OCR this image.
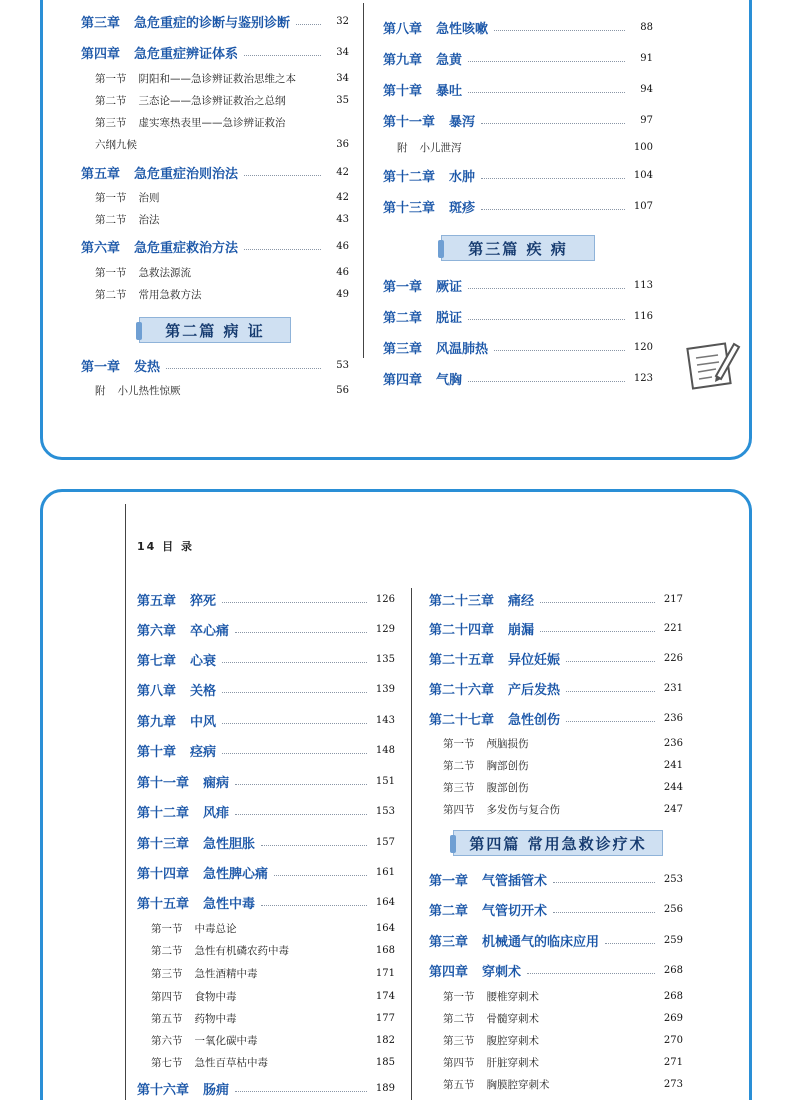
第三章 急危重症的诊断与鉴别诊断	32
第四章 急危重症辨证体系	34
第一节 阴阳和——急诊辨证救治思维之本	34
第二节 三态论——急诊辨证救治之总纲	35
第三节 虚实寒热表里——急诊辨证救治
六纲九候	36
第五章 急危重症治则治法	42
第一节 治则	42
第二节 治法	43
第六章 急危重症救治方法	46
第一节 急救法源流	46
第二节 常用急救方法	49
第一章 发热	53
附 小儿热性惊厥	56
第二篇 病 证
第八章 急性咳嗽	88
第九章 急黄	91
第十章 暴吐	94
第十一章 暴泻	97
附 小儿泄泻	100
第十二章 水肿	104
第十三章 斑疹	107
第一章 厥证	113
第二章 脱证	116
第三章 风温肺热	120
第四章 气胸	123
第三篇 疾 病
14 目 录
第五章 猝死	126
第六章 卒心痛	129
第七章 心衰	135
第八章 关格	139
第九章 中风	143
第十章 痉病	148
第十一章 痫病	151
第十二章 风痱	153
第十三章 急性胆胀	157
第十四章 急性脾心痛	161
第十五章 急性中毒	164
第一节 中毒总论	164
第二节 急性有机磷农药中毒	168
第三节 急性酒精中毒	171
第四节 食物中毒	174
第五节 药物中毒	177
第六节 一氧化碳中毒	182
第七节 急性百草枯中毒	185
第十六章 肠痈	189
第二十三章 痛经	217
第二十四章 崩漏	221
第二十五章 异位妊娠	226
第二十六章 产后发热	231
第二十七章 急性创伤	236
第一节 颅脑损伤	236
第二节 胸部创伤	241
第三节 腹部创伤	244
第四节 多发伤与复合伤	247
第一章 气管插管术	253
第二章 气管切开术	256
第三章 机械通气的临床应用	259
第四章 穿刺术	268
第一节 腰椎穿刺术	268
第二节 骨髓穿刺术	269
第三节 腹腔穿刺术	270
第四节 肝脏穿刺术	271
第五节 胸膜腔穿刺术	273
第四篇 常用急救诊疗术
